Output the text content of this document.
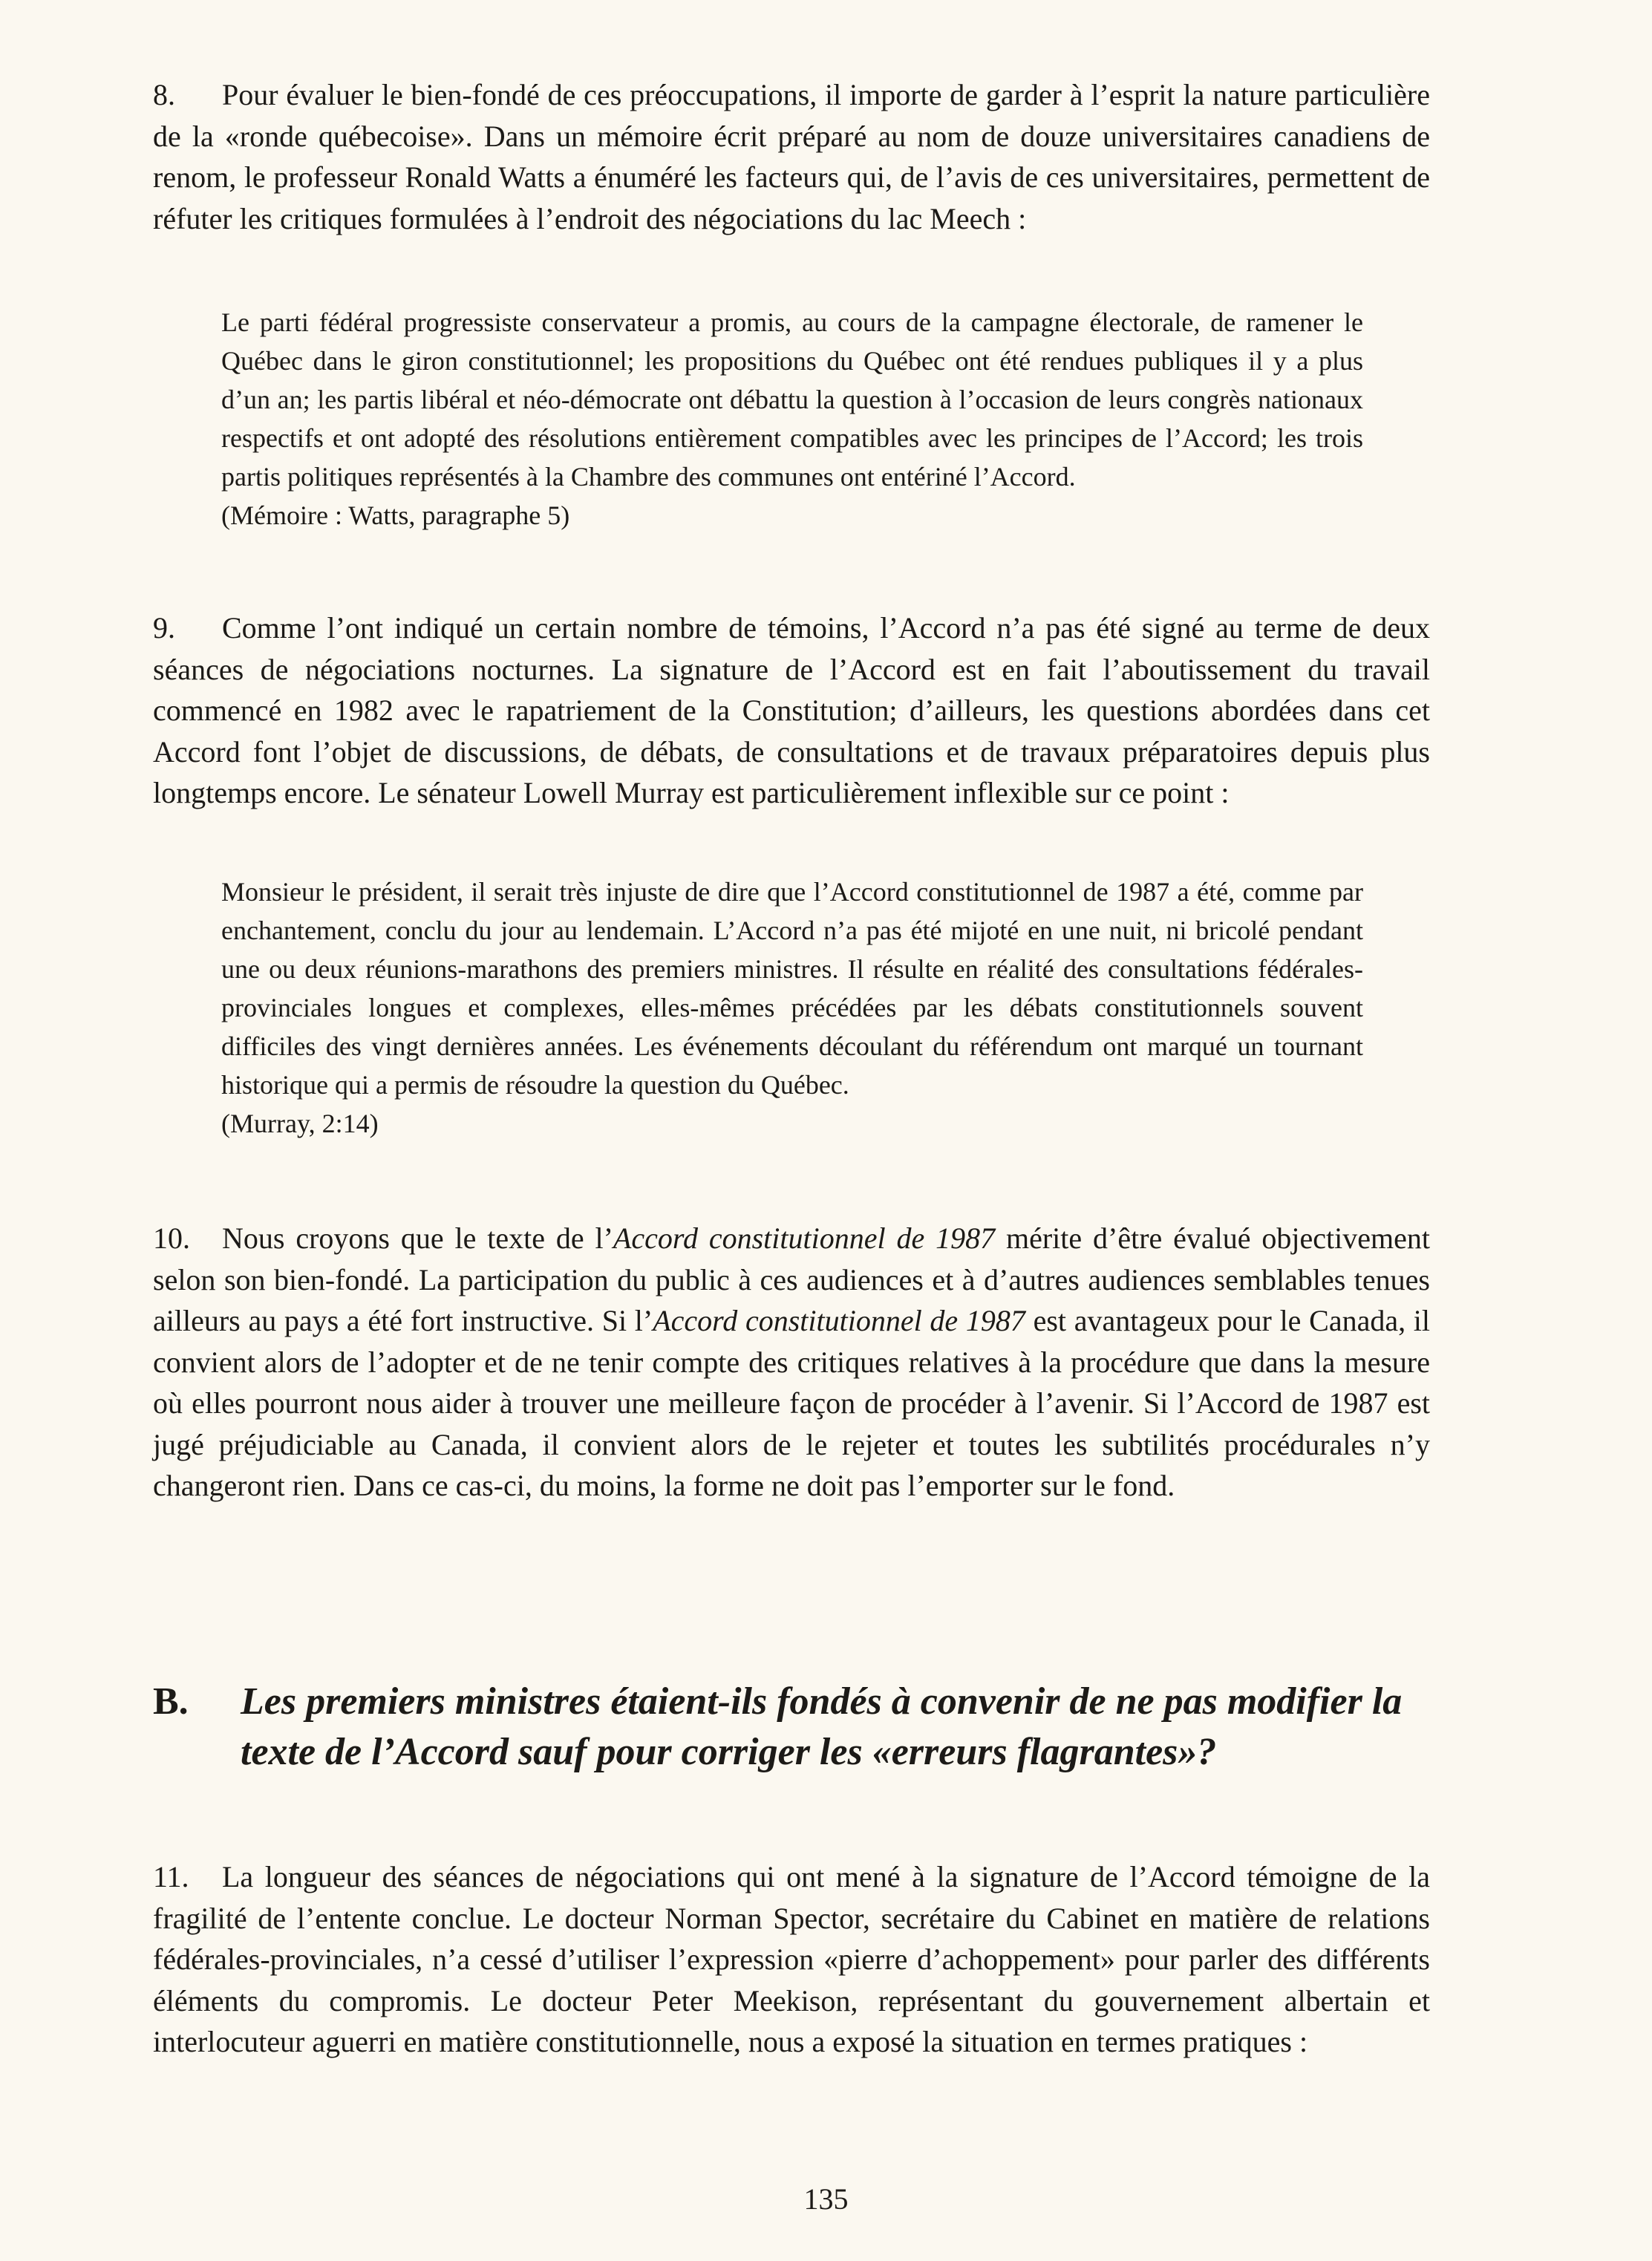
8. Pour évaluer le bien-fondé de ces préoccupations, il importe de garder à l’esprit la nature particulière de la «ronde québecoise». Dans un mémoire écrit préparé au nom de douze universitaires canadiens de renom, le professeur Ronald Watts a énuméré les facteurs qui, de l’avis de ces universitaires, permettent de réfuter les critiques formulées à l’endroit des négociations du lac Meech :

Le parti fédéral progressiste conservateur a promis, au cours de la campagne électorale, de ramener le Québec dans le giron constitutionnel; les propositions du Québec ont été rendues publiques il y a plus d’un an; les partis libéral et néo-démocrate ont débattu la question à l’occasion de leurs congrès nationaux respectifs et ont adopté des résolutions entièrement compatibles avec les principes de l’Accord; les trois partis politiques représentés à la Chambre des communes ont entériné l’Accord.
(Mémoire : Watts, paragraphe 5)

9. Comme l’ont indiqué un certain nombre de témoins, l’Accord n’a pas été signé au terme de deux séances de négociations nocturnes. La signature de l’Accord est en fait l’aboutissement du travail commencé en 1982 avec le rapatriement de la Constitution; d’ailleurs, les questions abordées dans cet Accord font l’objet de discussions, de débats, de consultations et de travaux préparatoires depuis plus longtemps encore. Le sénateur Lowell Murray est particulièrement inflexible sur ce point :

Monsieur le président, il serait très injuste de dire que l’Accord constitutionnel de 1987 a été, comme par enchantement, conclu du jour au lendemain. L’Accord n’a pas été mijoté en une nuit, ni bricolé pendant une ou deux réunions-marathons des premiers ministres. Il résulte en réalité des consultations fédérales-provinciales longues et complexes, elles-mêmes précédées par les débats constitutionnels souvent difficiles des vingt dernières années. Les événements découlant du référendum ont marqué un tournant historique qui a permis de résoudre la question du Québec.
(Murray, 2:14)

10. Nous croyons que le texte de l’Accord constitutionnel de 1987 mérite d’être évalué objectivement selon son bien-fondé. La participation du public à ces audiences et à d’autres audiences semblables tenues ailleurs au pays a été fort instructive. Si l’Accord constitutionnel de 1987 est avantageux pour le Canada, il convient alors de l’adopter et de ne tenir compte des critiques relatives à la procédure que dans la mesure où elles pourront nous aider à trouver une meilleure façon de procéder à l’avenir. Si l’Accord de 1987 est jugé préjudiciable au Canada, il convient alors de le rejeter et toutes les subtilités procédurales n’y changeront rien. Dans ce cas-ci, du moins, la forme ne doit pas l’emporter sur le fond.

B. Les premiers ministres étaient-ils fondés à convenir de ne pas modifier la texte de l’Accord sauf pour corriger les «erreurs flagrantes»?

11. La longueur des séances de négociations qui ont mené à la signature de l’Accord témoigne de la fragilité de l’entente conclue. Le docteur Norman Spector, secrétaire du Cabinet en matière de relations fédérales-provinciales, n’a cessé d’utiliser l’expression «pierre d’achoppement» pour parler des différents éléments du compromis. Le docteur Peter Meekison, représentant du gouvernement albertain et interlocuteur aguerri en matière constitutionnelle, nous a exposé la situation en termes pratiques :

135
